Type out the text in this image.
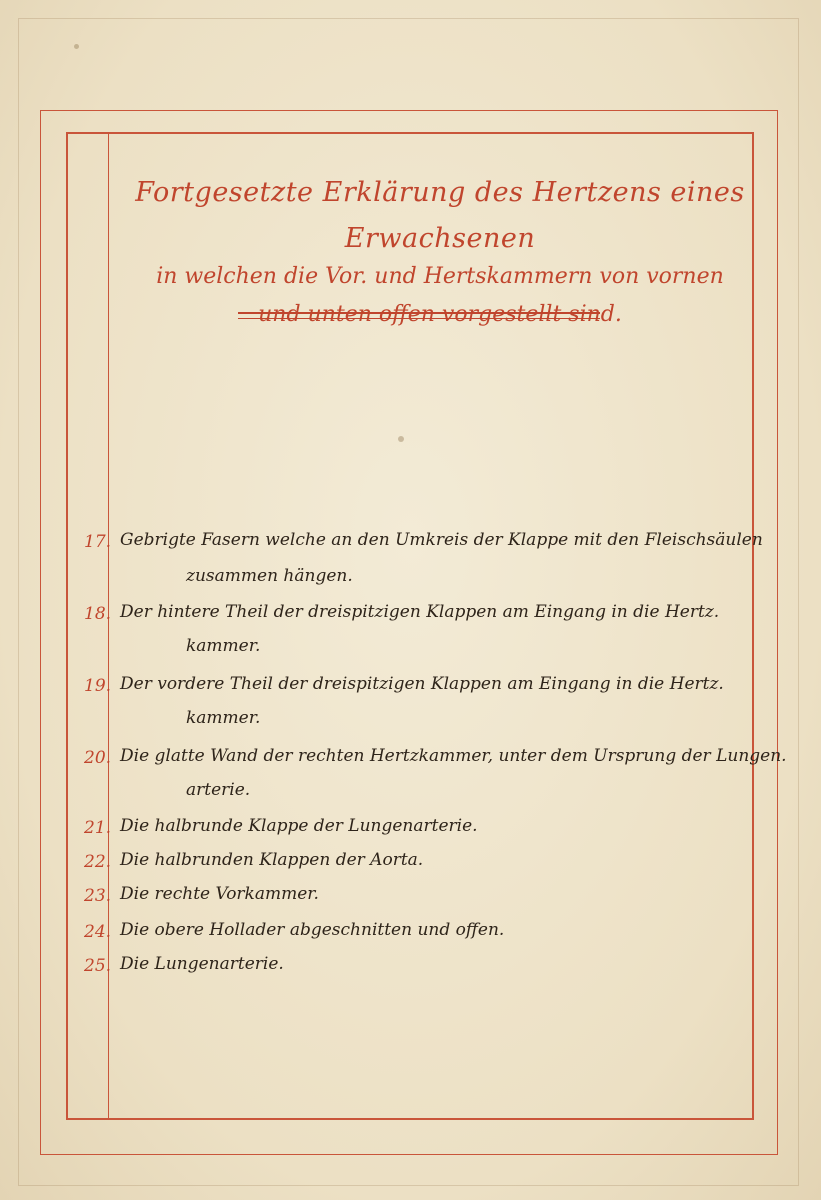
Fortgesetzte Erklärung des Hertzens eines Erwachsenen
in welchen die Vor. und Hertskammern von vornen
und unten offen vorgestellt sind.
17. Gebrigte Fasern welche an den Umkreis der Klappe mit den Fleischsäulen
zusammen hängen.
18. Der hintere Theil der dreispitzigen Klappen am Eingang in die Hertz.
kammer.
19. Der vordere Theil der dreispitzigen Klappen am Eingang in die Hertz.
kammer.
20. Die glatte Wand der rechten Hertzkammer, unter dem Ursprung der Lungen.
arterie.
21. Die halbrunde Klappe der Lungenarterie.
22. Die halbrunden Klappen der Aorta.
23. Die rechte Vorkammer.
24. Die obere Hollader abgeschnitten und offen.
25. Die Lungenarterie.
